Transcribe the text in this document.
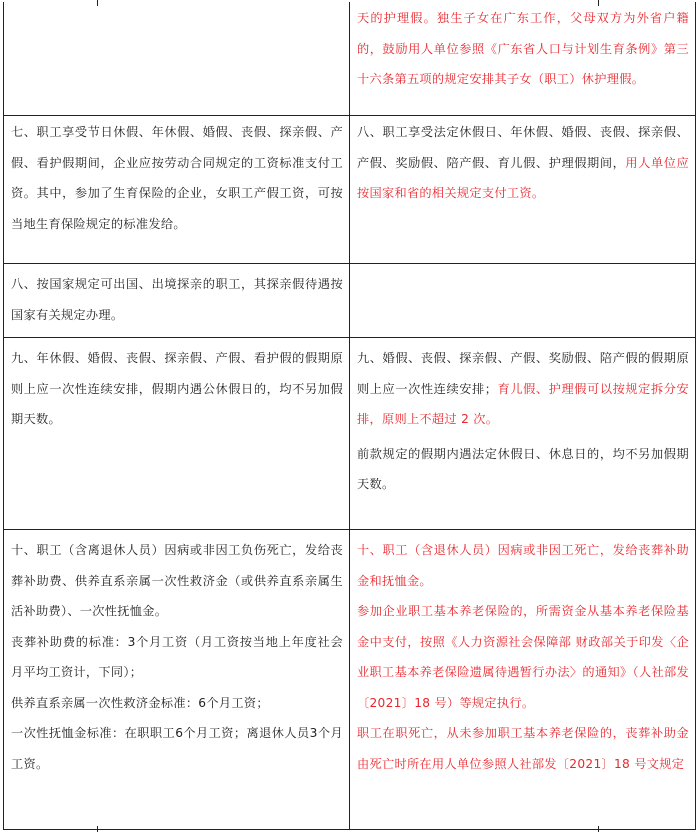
天的护理假。独生子女在广东工作，父母双方为外省户籍的，鼓励用人单位参照《广东省人口与计划生育条例》第三十六条第五项的规定安排其子女（职工）休护理假。

七、职工享受节日休假、年休假、婚假、丧假、探亲假、产假、看护假期间，企业应按劳动合同规定的工资标准支付工资。其中，参加了生育保险的企业，女职工产假工资，可按当地生育保险规定的标准发给。

八、职工享受法定休假日、年休假、婚假、丧假、探亲假、产假、奖励假、陪产假、育儿假、护理假期间，用人单位应按国家和省的相关规定支付工资。

八、按国家规定可出国、出境探亲的职工，其探亲假待遇按国家有关规定办理。

九、年休假、婚假、丧假、探亲假、产假、看护假的假期原则上应一次性连续安排，假期内遇公休假日的，均不另加假期天数。

九、婚假、丧假、探亲假、产假、奖励假、陪产假的假期原则上应一次性连续安排；育儿假、护理假可以按规定拆分安排，原则上不超过 2 次。

前款规定的假期内遇法定休假日、休息日的，均不另加假期天数。

十、职工（含离退休人员）因病或非因工负伤死亡，发给丧葬补助费、供养直系亲属一次性救济金（或供养直系亲属生活补助费）、一次性抚恤金。

丧葬补助费的标准：3个月工资（月工资按当地上年度社会月平均工资计，下同）；

供养直系亲属一次性救济金标准：6个月工资；

一次性抚恤金标准：在职职工6个月工资；离退休人员3个月工资。

十、职工（含退休人员）因病或非因工死亡，发给丧葬补助金和抚恤金。

参加企业职工基本养老保险的，所需资金从基本养老保险基金中支付，按照《人力资源社会保障部 财政部关于印发〈企业职工基本养老保险遗属待遇暂行办法〉的通知》（人社部发〔2021〕18 号）等规定执行。

职工在职死亡，从未参加职工基本养老保险的，丧葬补助金由死亡时所在用人单位参照人社部发〔2021〕18 号文规定
